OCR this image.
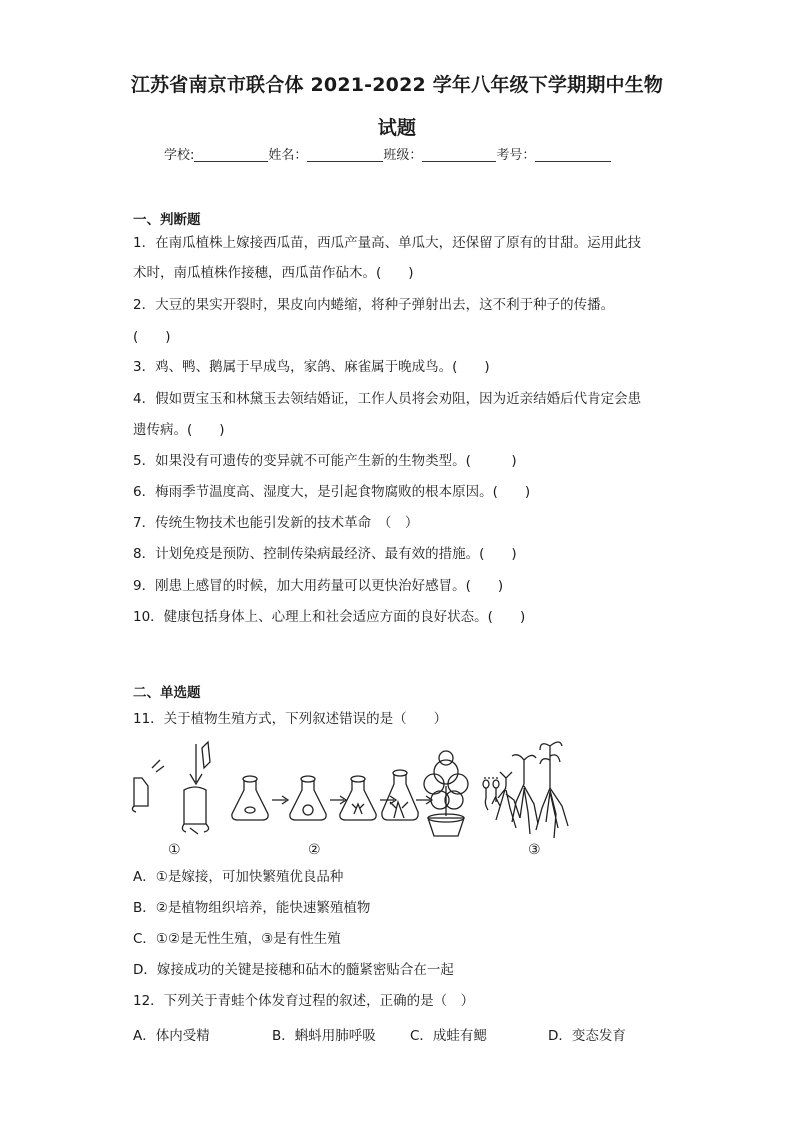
江苏省南京市联合体 2021-2022 学年八年级下学期期中生物
试题
学校:	姓名：	班级：	考号：
一、判断题
1．在南瓜植株上嫁接西瓜苗，西瓜产量高、单瓜大，还保留了原有的甘甜。运用此技
术时，南瓜植株作接穗，西瓜苗作砧木。(　　)
2．大豆的果实开裂时，果皮向内蜷缩，将种子弹射出去，这不利于种子的传播。
(　　)
3．鸡、鸭、鹅属于早成鸟，家鸽、麻雀属于晚成鸟。(　　)
4．假如贾宝玉和林黛玉去领结婚证，工作人员将会劝阻，因为近亲结婚后代肯定会患
遗传病。(　　)
5．如果没有可遗传的变异就不可能产生新的生物类型。(　　　)
6．梅雨季节温度高、湿度大，是引起食物腐败的根本原因。(　　)
7．传统生物技术也能引发新的技术革命　（　）
8．计划免疫是预防、控制传染病最经济、最有效的措施。(　　)
9．刚患上感冒的时候，加大用药量可以更快治好感冒。(　　)
10．健康包括身体上、心理上和社会适应方面的良好状态。(　　)
二、单选题
11．关于植物生殖方式，下列叙述错误的是（　　）
①	②	③
A．①是嫁接，可加快繁殖优良品种
B．②是植物组织培养，能快速繁殖植物
C．①②是无性生殖，③是有性生殖
D．嫁接成功的关键是接穗和砧木的髓紧密贴合在一起
12．下列关于青蛙个体发育过程的叙述，正确的是（　）
A．体内受精	B．蝌蚪用肺呼吸	C．成蛙有鳃	D．变态发育
